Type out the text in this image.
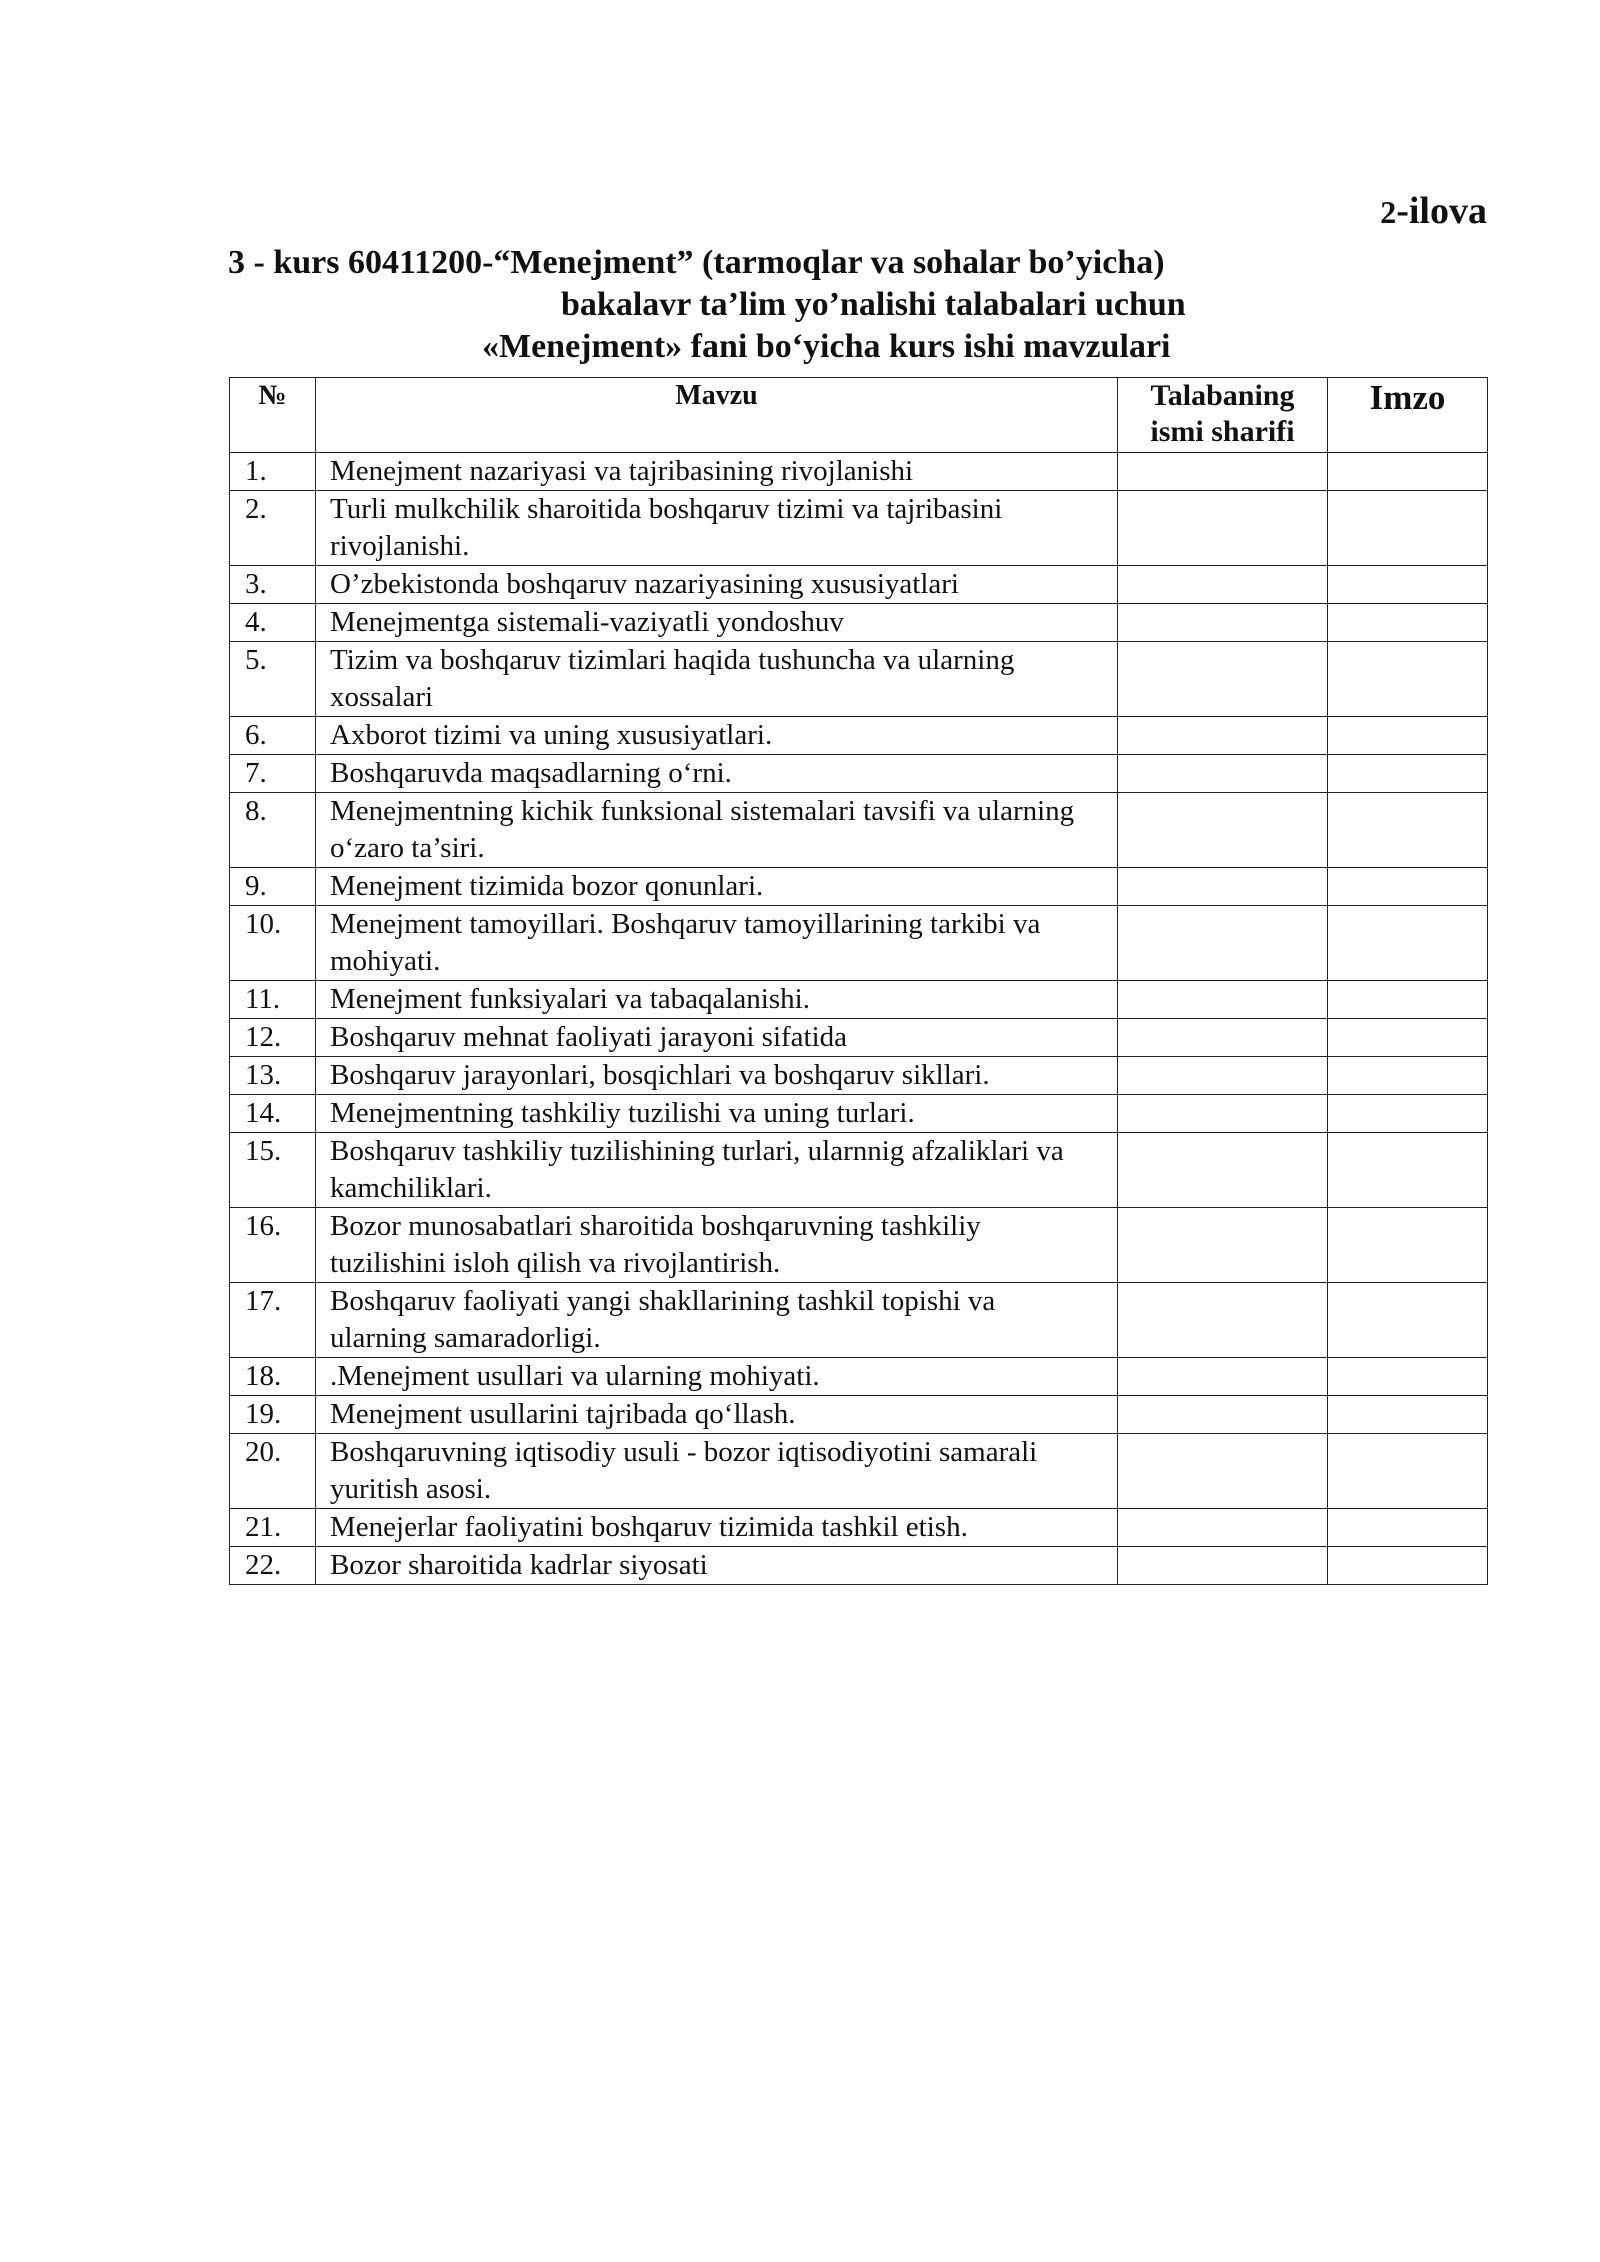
2-ilova
3 - kurs 60411200-“Menejment” (tarmoqlar va sohalar bo’yicha)
bakalavr ta’lim yo’nalishi talabalari uchun
«Menejment» fani bo‘yicha kurs ishi mavzulari
№	Mavzu	Talabaning ismi sharifi	Imzo
1.	Menejment nazariyasi va tajribasining rivojlanishi		
2.	Turli mulkchilik sharoitida boshqaruv tizimi va tajribasini rivojlanishi.		
3.	O’zbekistonda boshqaruv nazariyasining xususiyatlari		
4.	Menejmentga sistemali-vaziyatli yondoshuv		
5.	Tizim va boshqaruv tizimlari haqida tushuncha va ularning xossalari		
6.	Axborot tizimi va uning xususiyatlari.		
7.	Boshqaruvda maqsadlarning o‘rni.		
8.	Menejmentning kichik funksional sistemalari tavsifi va ularning o‘zaro ta’siri.		
9.	Menejment tizimida bozor qonunlari.		
10.	Menejment tamoyillari. Boshqaruv tamoyillarining tarkibi va mohiyati.		
11.	Menejment funksiyalari va tabaqalanishi.		
12.	Boshqaruv mehnat faoliyati jarayoni sifatida		
13.	Boshqaruv jarayonlari, bosqichlari va boshqaruv sikllari.		
14.	Menejmentning tashkiliy tuzilishi va uning turlari.		
15.	Boshqaruv tashkiliy tuzilishining turlari, ularnnig afzaliklari va kamchiliklari.		
16.	Bozor munosabatlari sharoitida boshqaruvning tashkiliy tuzilishini isloh qilish va rivojlantirish.		
17.	Boshqaruv faoliyati yangi shakllarining tashkil topishi va ularning samaradorligi.		
18.	.Menejment usullari va ularning mohiyati.		
19.	Menejment usullarini tajribada qo‘llash.		
20.	Boshqaruvning iqtisodiy usuli - bozor iqtisodiyotini samarali yuritish asosi.		
21.	Menejerlar faoliyatini boshqaruv tizimida tashkil etish.		
22.	Bozor sharoitida kadrlar siyosati		
